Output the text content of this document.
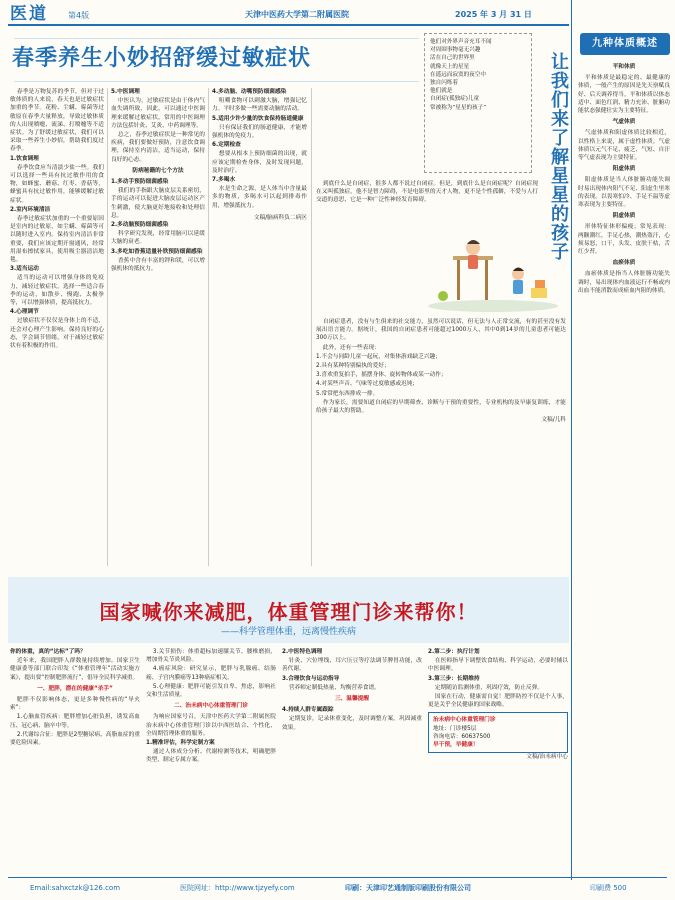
医道	第4版	天津中医药大学第二附属医院	2025 年 3 月 31 日
春季养生小妙招舒缓过敏症状

春季是万物复苏的季节，但对于过敏体质的人来说，春天也是过敏症状加重的季节。花粉、尘螨、霉菌等过敏原在春季大量释放，导致过敏体质的人出现喷嚏、流涕、打喷嚏等不适症状。为了舒缓过敏症状，我们可以采取一些养生小妙招，帮助我们度过春季。

1.饮食调理

春季饮食应当清淡少盐一些。我们可以选择一些具有抗过敏作用的食物，如蜂蜜、蘑菇、红枣、香菇等，蜂蜜具有抗过敏作用，能够缓解过敏症状。

2.室内环境清洁

春季过敏症状加重的一个重要原因是室内的过敏原，如尘螨、霉菌等可以随时进入室内。保持室内清洁非常重要，我们应该定期开窗通风，经常用湿布擦拭家具，使用吸尘器清洁地毯。

3.适当运动

适当的运动可以增强身体的免疫力，减轻过敏症状。选择一些适合春季的运动，如散步、慢跑、太极拳等，可以增强体质，提高抵抗力。

4.心理调节

过敏症状不仅仅是身体上的不适，还会对心理产生影响。保持良好的心态，学会调节情绪，对于减轻过敏症状有着积极的作用。

5.中医调理

中医认为，过敏症状是由于体内气血失调所致，因此，可以通过中医调理来缓解过敏症状。常用的中医调理方法包括针灸、艾灸、中药调理等。

总之，春季过敏症状是一种常见的疾病，我们要做好预防，注意饮食调理，保持室内清洁，适当运动，保持良好的心态。

防病秘籍的七个方法

1.多动手预防细菌感染

我们的手指跟大脑皮层关系密切，手的运动可以促进大脑皮层运动区产生刺激，使大脑更好地接收和处理信息。

2.多动脑预防细菌感染

科学研究发现，经常用脑可以延缓大脑的衰老。

3.多吃如香蕉适量补铁预防细菌感染

香蕉中含有丰富的钾和镁，可以增强机体的抵抗力。

4.多动脑、动嘴预防细菌感染

咀嚼食物可以刺激大脑，增强记忆力。平时多做一些需要动脑的活动。

5.适用少许少量的饮食保持肠道健康

只有保证我们的肠道健康，才能增强机体的免疫力。

6.定期检查

想要从根本上预防细菌的出现，就应该定期检查身体，及时发现问题，及时治疗。

7.多喝水

水是生命之源，是人体当中含量最多的物质，多喝水可以起到排毒作用，增强抵抗力。

文稿/脑病科负二病区

他们对外界声音充耳不闻
对周围事物毫无兴趣
活在自己的世界里
就像天上的星星
在遥远而寂寞的夜空中
独自闪烁着
他们就是
自闭症(孤独症)儿童
常被称为“星星的孩子”	让我们来了解星星的孩子

到底什么是自闭症，很多人都不说过自闭症。但是，到底什么是自闭症呢？自闭症现在又叫孤独症，他不是智力障碍，不是电影里的天才人物，更不是个性孤僻，不爱与人打交道的意思，它是一种广泛性神经发育障碍。

自闭症患者，没有与生俱来的社交能力，虽然可以说话，但无法与人正常交流，有的甚至没有发展出语言能力。据统计，我国的自闭症患者可能超过1000万人，其中0到14岁的儿童患者可能达300万以上。

此外，还有一些表现：

1.不会与同龄儿童一起玩，对集体游戏缺乏兴趣；

2.具有某种特别偏执的爱好；

3.喜欢重复拍手，摇摆身体、旋转物体或某一动作；

4.对某些声音、气味等过度敏感或迟钝；

5.常常把东西排成一排。

作为家长，需要知道自闭症的早期筛查、诊断与干预的重要性，专业机构的及早康复训练，才能给孩子最大的帮助。

文稿/儿科

国家喊你来减肥，体重管理门诊来帮你！
——科学管理体重，远离慢性疾病

你的体重，真的“达标”了吗？

近年来，我国肥胖人群数量持续增加。国家卫生健康委等部门联合印发《“体重管理年”活动实施方案》，提出要“控制肥胖流行”，倡导全民科学减重。

一、肥胖，潜在的健康“杀手”

肥胖不仅影响体态，更是多种慢性病的“导火索”：

1.心脑血管疾病：肥胖增加心脏负担，诱发高血压、冠心病、脑卒中等。

2.代谢综合征：肥胖是2型糖尿病、高脂血症的重要危险因素。

3.关节损伤：体重超标加速膝关节、腰椎磨损，增加骨关节炎风险。

4.癌症风险：研究显示，肥胖与乳腺癌、结肠癌、子宫内膜癌等13种癌症相关。

5.心理健康：肥胖可能引发自卑、焦虑，影响社交和生活质量。

二、治未病中心体重管理门诊

为响应国家号召，天津中医药大学第二附属医院治未病中心体重管理门诊以中西医结合、个性化、全周期管理体重的服务。

1.精准评估，科学定制方案

通过人体成分分析、代谢检测等技术，明确肥胖类型，制定专属方案。

2.中医特色调理

针灸、穴位埋线、耳穴压豆等疗法调节脾胃功能，改善代谢。

3.合理饮食与运动指导

营养师定制低热量、均衡营养食谱。

三、温馨提醒

4.持续人群专属跟踪

定期复诊，记录体重变化，及时调整方案，巩固减重效果。

2.第二步：执行计划

在医师指导下调整饮食结构、科学运动，必要时辅以中医调理。

3.第三步：长期维持

定期随访监测体重，巩固疗效，防止反弹。

国家在行动，健康需自觉！肥胖防控不仅是个人事，更是关乎全民健康的国家战略。

治未病中心体重管理门诊
地址：门诊楼5层
咨询电话：60637500
早干预，早健康！

文稿/治未病中心

九种体质概述

平和体质

平和体质是最稳定的、最健康的体质，一般产生的原因是先天禀赋良好、后天调养得当。平和体质以体态适中、面色红润、精力充沛、脏腑功能状态强健壮实为主要特征。

气虚体质

气虚体质和阳虚体质比较相近，以性格上来说，属于虚性体质。气虚体质以元气不足、疲乏、气短、自汗等气虚表现为主要特征。

阳虚体质

阳虚体质是当人体脏腑功能失调时易出现体内阳气不足、阳虚生里寒的表现。以畏寒怕冷、手足不温等虚寒表现为主要特征。

阴虚体质

形体特征体形偏瘦；常见表现：两颧潮红，手足心热，潮热盗汗，心烦易怒，口干，头发、皮肤干枯，舌红少苔。

血瘀体质

血瘀体质是指当人体脏腑功能失调时，易出现体内血液运行不畅或内出血不能消散而成瘀血内阻的体质。

Email:sahxctzk@126.com	医院网址：http://www.tjzyefy.com	印刷：天津印艺通制版印刷股份有限公司	印刷费 500
